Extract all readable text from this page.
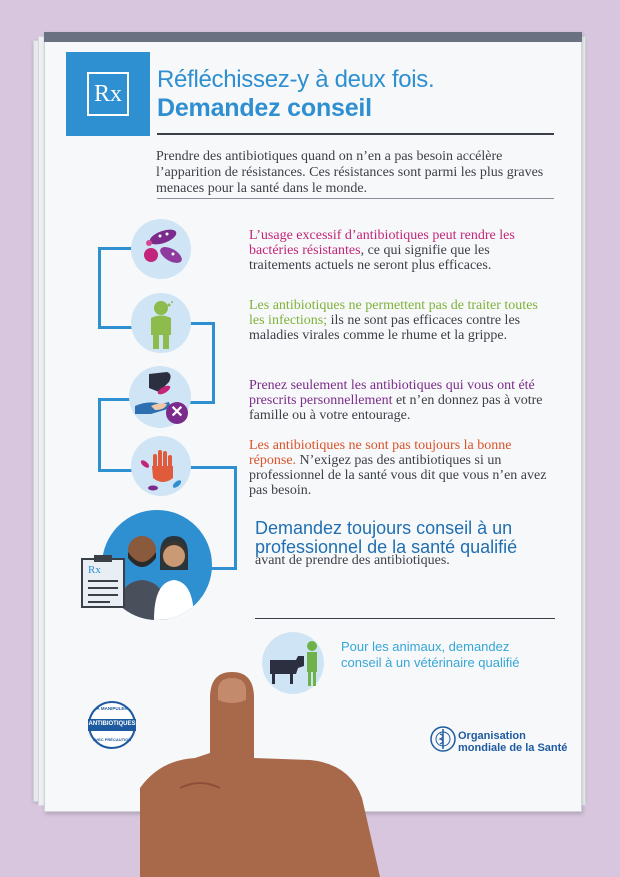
Rx
Réfléchissez-y à deux fois.
Demandez conseil
Prendre des antibiotiques quand on n’en a pas besoin accélère l’apparition de résistances. Ces résistances sont parmi les plus graves menaces pour la santé dans le monde.
✕
Rx
L’usage excessif d’antibiotiques peut rendre les bactéries résistantes, ce qui signifie que les traitements actuels ne seront plus efficaces.
Les antibiotiques ne permettent pas de traiter toutes les infections; ils ne sont pas efficaces contre les maladies virales comme le rhume et la grippe.
Prenez seulement les antibiotiques qui vous ont été prescrits personnellement et n’en donnez pas à votre famille ou à votre entourage.
Les antibiotiques ne sont pas toujours la bonne réponse. N’exigez pas des antibiotiques si un professionnel de la santé vous dit que vous n’en avez pas besoin.
Demandez toujours conseil à un professionnel de la santé qualifié
avant de prendre des antibiotiques.
Pour les animaux, demandez conseil à un vétérinaire qualifié
À MANIPULER
ANTIBIOTIQUES
AVEC PRÉCAUTION	Organisation mondiale de la Santé
